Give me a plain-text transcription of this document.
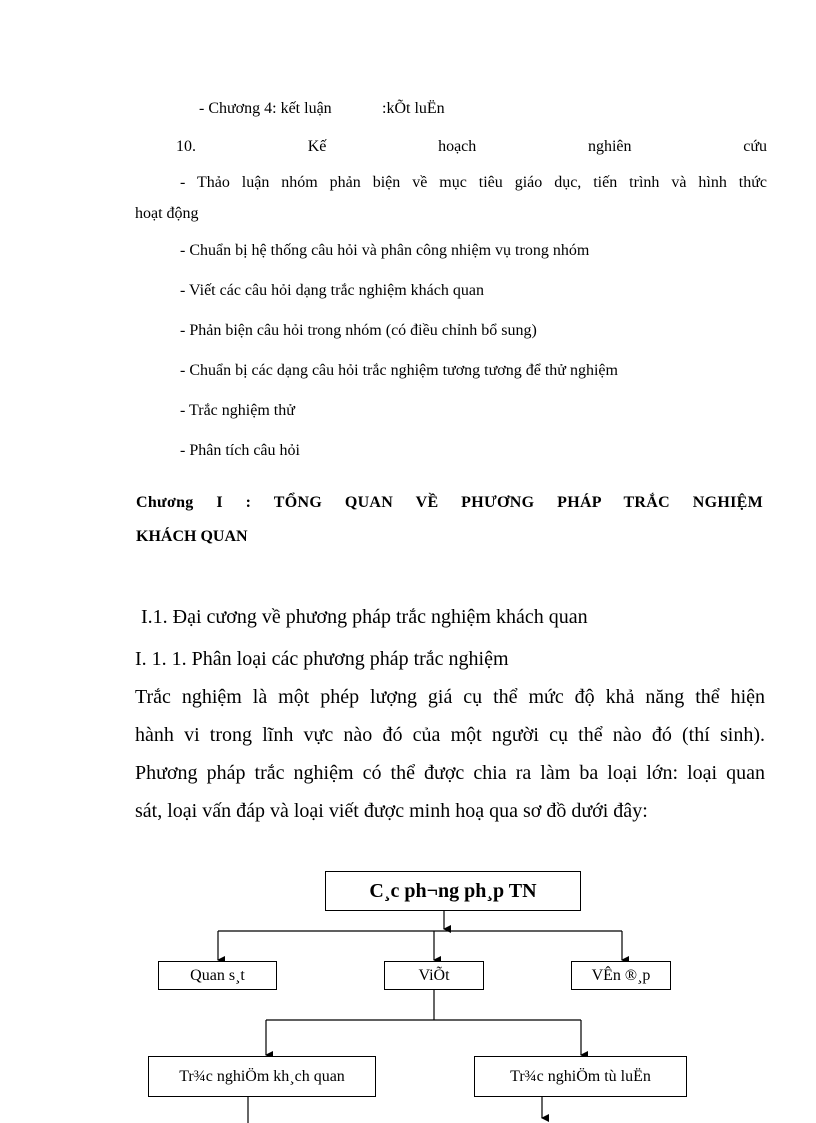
- Chương 4: kết luận	:kÕt luËn
10.	Kế	hoạch	nghiên	cứu
- Thảo luận nhóm phản biện về mục tiêu giáo dục, tiến trình và hình thức
hoạt động
- Chuẩn bị hệ thống câu hỏi và phân công nhiệm vụ trong nhóm
- Viết các câu hỏi dạng trắc nghiệm khách quan
- Phản biện câu hỏi trong nhóm (có điều chỉnh bổ sung)
- Chuẩn bị các dạng câu hỏi trắc nghiệm tương tương để thử nghiệm
- Trắc nghiệm thử
- Phân tích câu hỏi
Chương I : TỔNG QUAN VỀ PHƯƠNG PHÁP TRẮC NGHIỆM
KHÁCH QUAN
I.1. Đại cương về phương pháp trắc nghiệm khách quan
I. 1. 1. Phân loại các phương pháp trắc nghiệm
Trắc nghiệm là một phép lượng giá cụ thể mức độ khả năng thể hiện
hành vi trong lĩnh vực nào đó của một người cụ thể nào đó (thí sinh).
Phương pháp trắc nghiệm có thể được chia ra làm ba loại lớn: loại quan
sát, loại vấn đáp và loại viết được minh hoạ qua sơ đồ dưới đây:
C¸c ph¬ng ph¸p TN
Quan s¸t	ViÕt	VÊn ®¸p
Tr¾c nghiÖm kh¸ch quan	Tr¾c nghiÖm tù luËn
